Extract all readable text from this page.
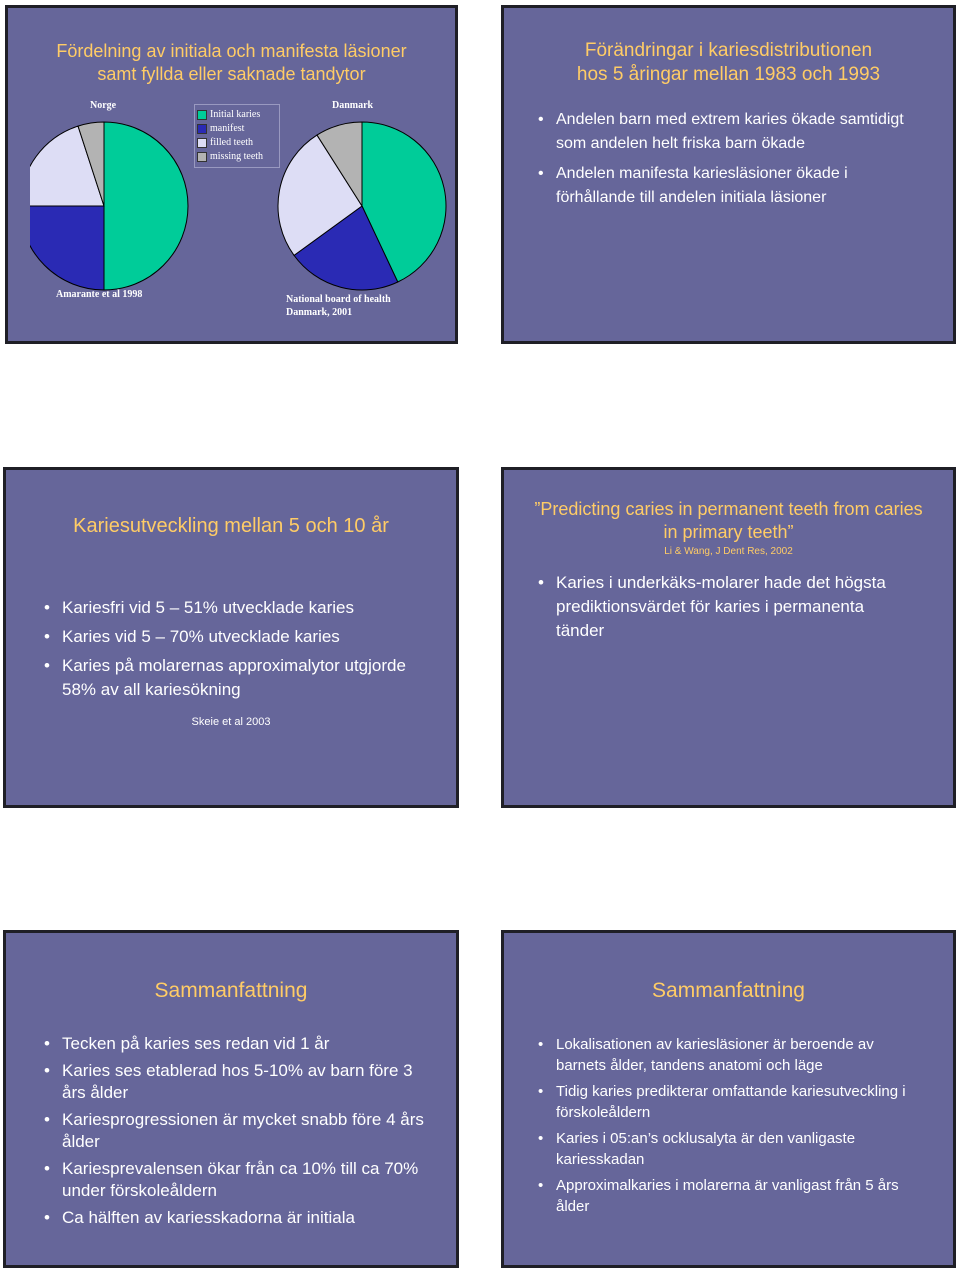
Fördelning av initiala och manifesta läsioner samt fyllda eller saknade tandytor
Norge	Danmark
Initial karies
manifest
filled teeth
missing teeth
Amarante et al 1998	National board of health
Danmark, 2001
Förändringar i kariesdistributionen
hos 5 åringar mellan 1983 och 1993
• Andelen barn med extrem karies ökade samtidigt som andelen helt friska barn ökade
• Andelen manifesta kariesläsioner ökade i förhållande till andelen initiala läsioner
Kariesutveckling mellan 5 och 10 år
• Kariesfri vid 5 – 51% utvecklade karies
• Karies vid 5 – 70% utvecklade karies
• Karies på molarernas approximalytor utgjorde 58% av all kariesökning
Skeie et al 2003
”Predicting caries in permanent teeth from caries in primary teeth”
Li & Wang, J Dent Res, 2002
• Karies i underkäks-molarer hade det högsta prediktionsvärdet för karies i permanenta tänder
Sammanfattning
• Tecken på karies ses redan vid 1 år
• Karies ses etablerad hos 5-10% av barn före 3 års ålder
• Kariesprogressionen är mycket snabb före 4 års ålder
• Kariesprevalensen ökar från ca 10% till ca 70% under förskoleåldern
• Ca hälften av kariesskadorna är initiala
Sammanfattning
• Lokalisationen av kariesläsioner är beroende av barnets ålder, tandens anatomi och läge
• Tidig karies predikterar omfattande kariesutveckling i förskoleåldern
• Karies i 05:an’s ocklusalyta är den vanligaste kariesskadan
• Approximalkaries i molarerna är vanligast från 5 års ålder
